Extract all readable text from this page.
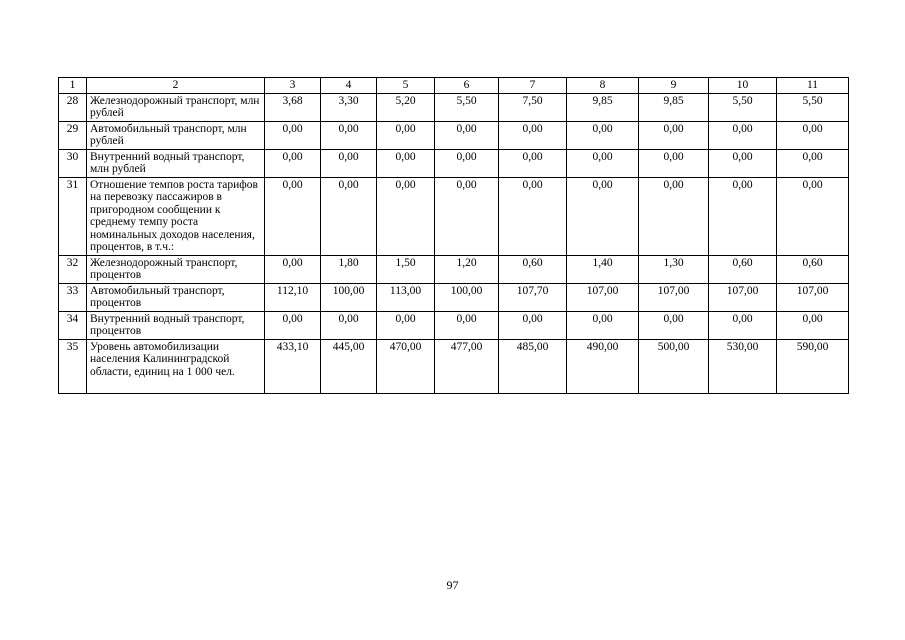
1	2	3	4	5	6	7	8	9	10	11
28	Железнодорожный транспорт, млн рублей	3,68	3,30	5,20	5,50	7,50	9,85	9,85	5,50	5,50
29	Автомобильный транспорт, млн рублей	0,00	0,00	0,00	0,00	0,00	0,00	0,00	0,00	0,00
30	Внутренний водный транспорт, млн рублей	0,00	0,00	0,00	0,00	0,00	0,00	0,00	0,00	0,00
31	Отношение темпов роста тарифов на перевозку пассажиров в пригородном сообщении к среднему темпу роста номинальных доходов населения, процентов, в т.ч.:	0,00	0,00	0,00	0,00	0,00	0,00	0,00	0,00	0,00
32	Железнодорожный транспорт, процентов	0,00	1,80	1,50	1,20	0,60	1,40	1,30	0,60	0,60
33	Автомобильный транспорт, процентов	112,10	100,00	113,00	100,00	107,70	107,00	107,00	107,00	107,00
34	Внутренний водный транспорт, процентов	0,00	0,00	0,00	0,00	0,00	0,00	0,00	0,00	0,00
35	Уровень автомобилизации населения Калининградской области, единиц на 1 000 чел.	433,10	445,00	470,00	477,00	485,00	490,00	500,00	530,00	590,00
97
